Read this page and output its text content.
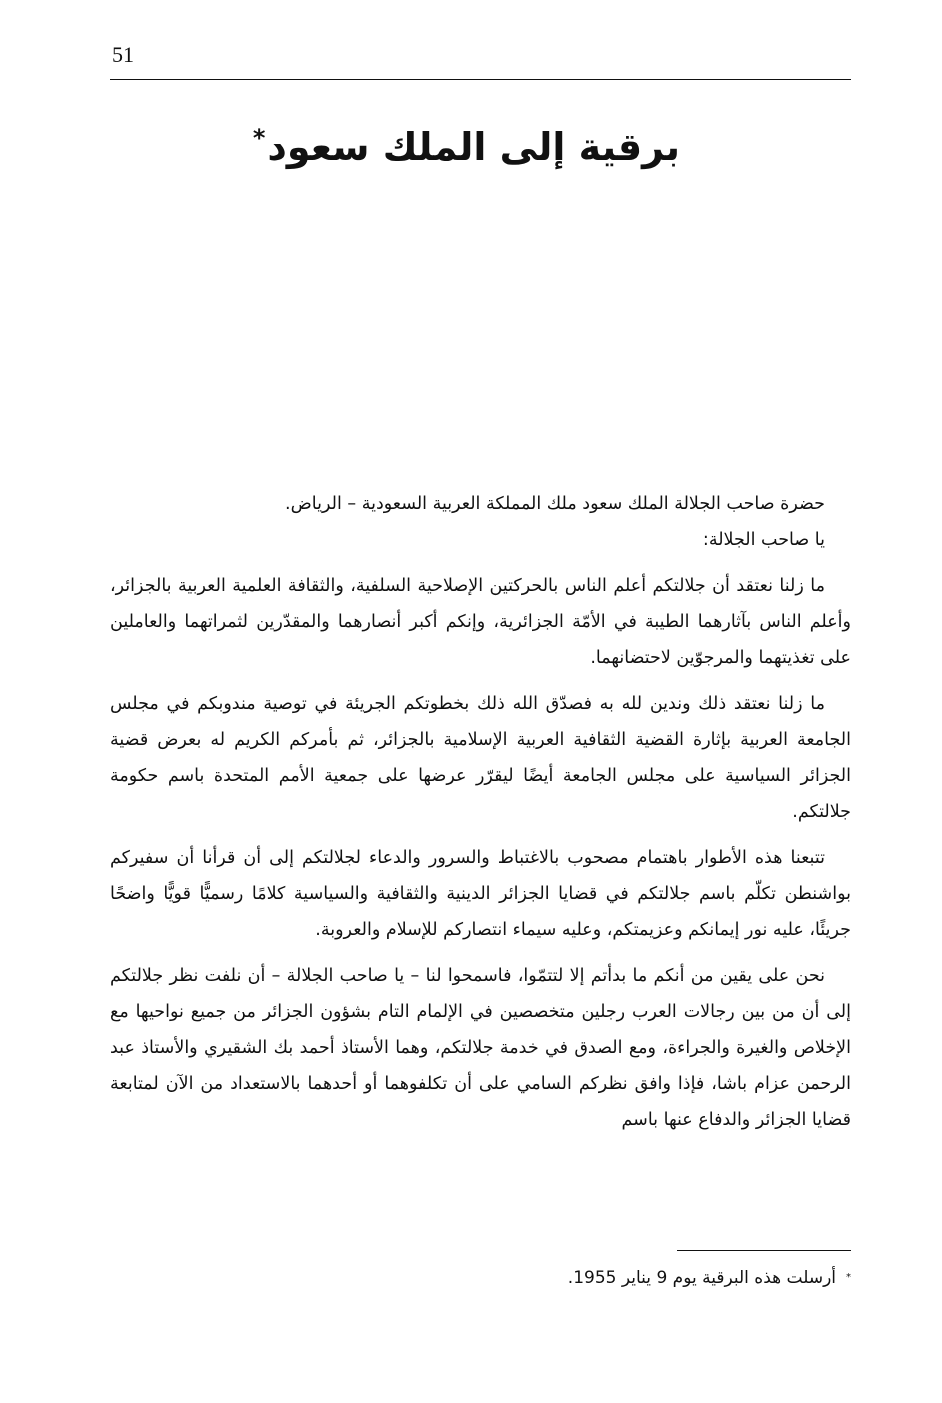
51
برقية إلى الملك سعود*

حضرة صاحب الجلالة الملك سعود ملك المملكة العربية السعودية – الرياض.

يا صاحب الجلالة:

ما زلنا نعتقد أن جلالتكم أعلم الناس بالحركتين الإصلاحية السلفية، والثقافة العلمية العربية بالجزائر، وأعلم الناس بآثارهما الطيبة في الأمّة الجزائرية، وإنكم أكبر أنصارهما والمقدّرين لثمراتهما والعاملين على تغذيتهما والمرجوّين لاحتضانهما.

ما زلنا نعتقد ذلك وندين لله به فصدّق الله ذلك بخطوتكم الجريئة في توصية مندوبكم في مجلس الجامعة العربية بإثارة القضية الثقافية العربية الإسلامية بالجزائر، ثم بأمركم الكريم له بعرض قضية الجزائر السياسية على مجلس الجامعة أيضًا ليقرّر عرضها على جمعية الأمم المتحدة باسم حكومة جلالتكم.

تتبعنا هذه الأطوار باهتمام مصحوب بالاغتباط والسرور والدعاء لجلالتكم إلى أن قرأنا أن سفيركم بواشنطن تكلّم باسم جلالتكم في قضايا الجزائر الدينية والثقافية والسياسية كلامًا رسميًّا قويًّا واضحًا جريئًا، عليه نور إيمانكم وعزيمتكم، وعليه سيماء انتصاركم للإسلام والعروبة.

نحن على يقين من أنكم ما بدأتم إلا لتتمّوا، فاسمحوا لنا – يا صاحب الجلالة – أن نلفت نظر جلالتكم إلى أن من بين رجالات العرب رجلين متخصصين في الإلمام التام بشؤون الجزائر من جميع نواحيها مع الإخلاص والغيرة والجراءة، ومع الصدق في خدمة جلالتكم، وهما الأستاذ أحمد بك الشقيري والأستاذ عبد الرحمن عزام باشا، فإذا وافق نظركم السامي على أن تكلفوهما أو أحدهما بالاستعداد من الآن لمتابعة قضايا الجزائر والدفاع عنها باسم

*أرسلت هذه البرقية يوم 9 يناير 1955.
